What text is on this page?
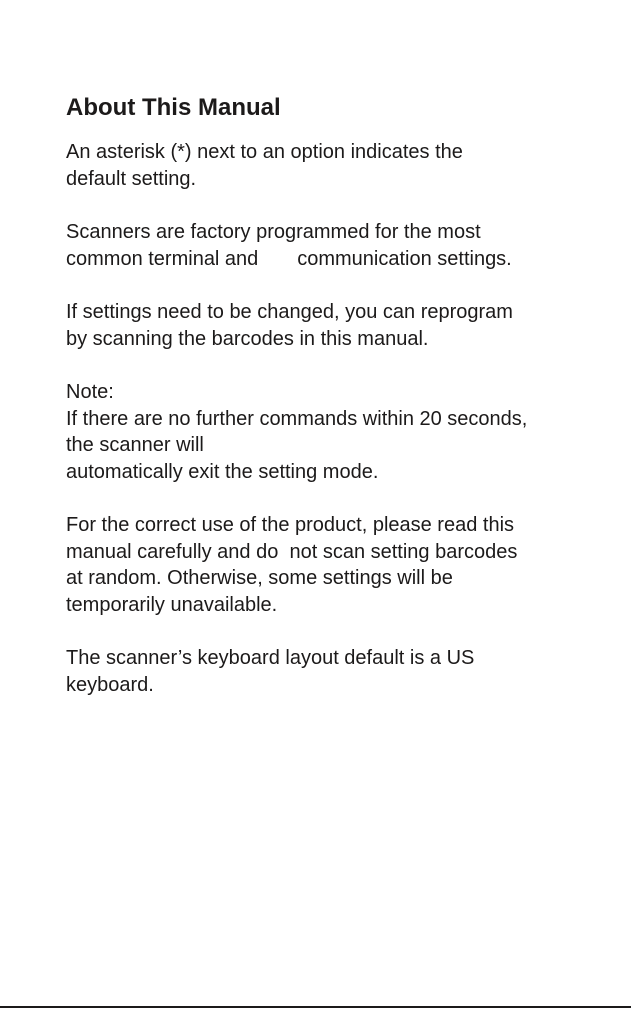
About This Manual

An asterisk (*) next to an option indicates the
default setting.

Scanners are factory programmed for the most
common terminal and       communication settings.

If settings need to be changed, you can reprogram
by scanning the barcodes in this manual.

Note:
If there are no further commands within 20 seconds,
the scanner will
automatically exit the setting mode.

For the correct use of the product, please read this
manual carefully and do  not scan setting barcodes
at random. Otherwise, some settings will be
temporarily unavailable.

The scanner’s keyboard layout default is a US
keyboard.
